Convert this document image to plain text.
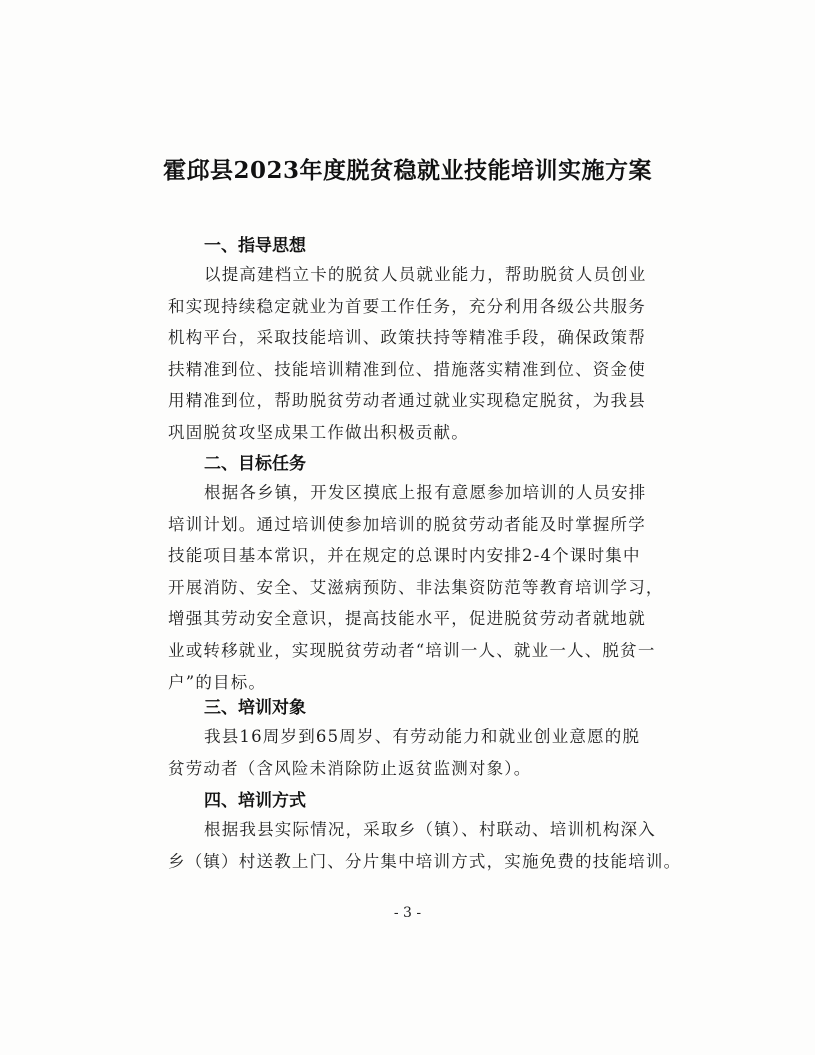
霍邱县2023年度脱贫稳就业技能培训实施方案
一、指导思想
以提高建档立卡的脱贫人员就业能力，帮助脱贫人员创业
和实现持续稳定就业为首要工作任务，充分利用各级公共服务
机构平台，采取技能培训、政策扶持等精准手段，确保政策帮
扶精准到位、技能培训精准到位、措施落实精准到位、资金使
用精准到位，帮助脱贫劳动者通过就业实现稳定脱贫，为我县
巩固脱贫攻坚成果工作做出积极贡献。
二、目标任务
根据各乡镇，开发区摸底上报有意愿参加培训的人员安排
培训计划。通过培训使参加培训的脱贫劳动者能及时掌握所学
技能项目基本常识，并在规定的总课时内安排2-4个课时集中
开展消防、安全、艾滋病预防、非法集资防范等教育培训学习，
增强其劳动安全意识，提高技能水平，促进脱贫劳动者就地就
业或转移就业，实现脱贫劳动者“培训一人、就业一人、脱贫一
户”的目标。
三、培训对象
我县16周岁到65周岁、有劳动能力和就业创业意愿的脱
贫劳动者（含风险未消除防止返贫监测对象）。
四、培训方式
根据我县实际情况，采取乡（镇）、村联动、培训机构深入
乡（镇）村送教上门、分片集中培训方式，实施免费的技能培训。
- 3 -
